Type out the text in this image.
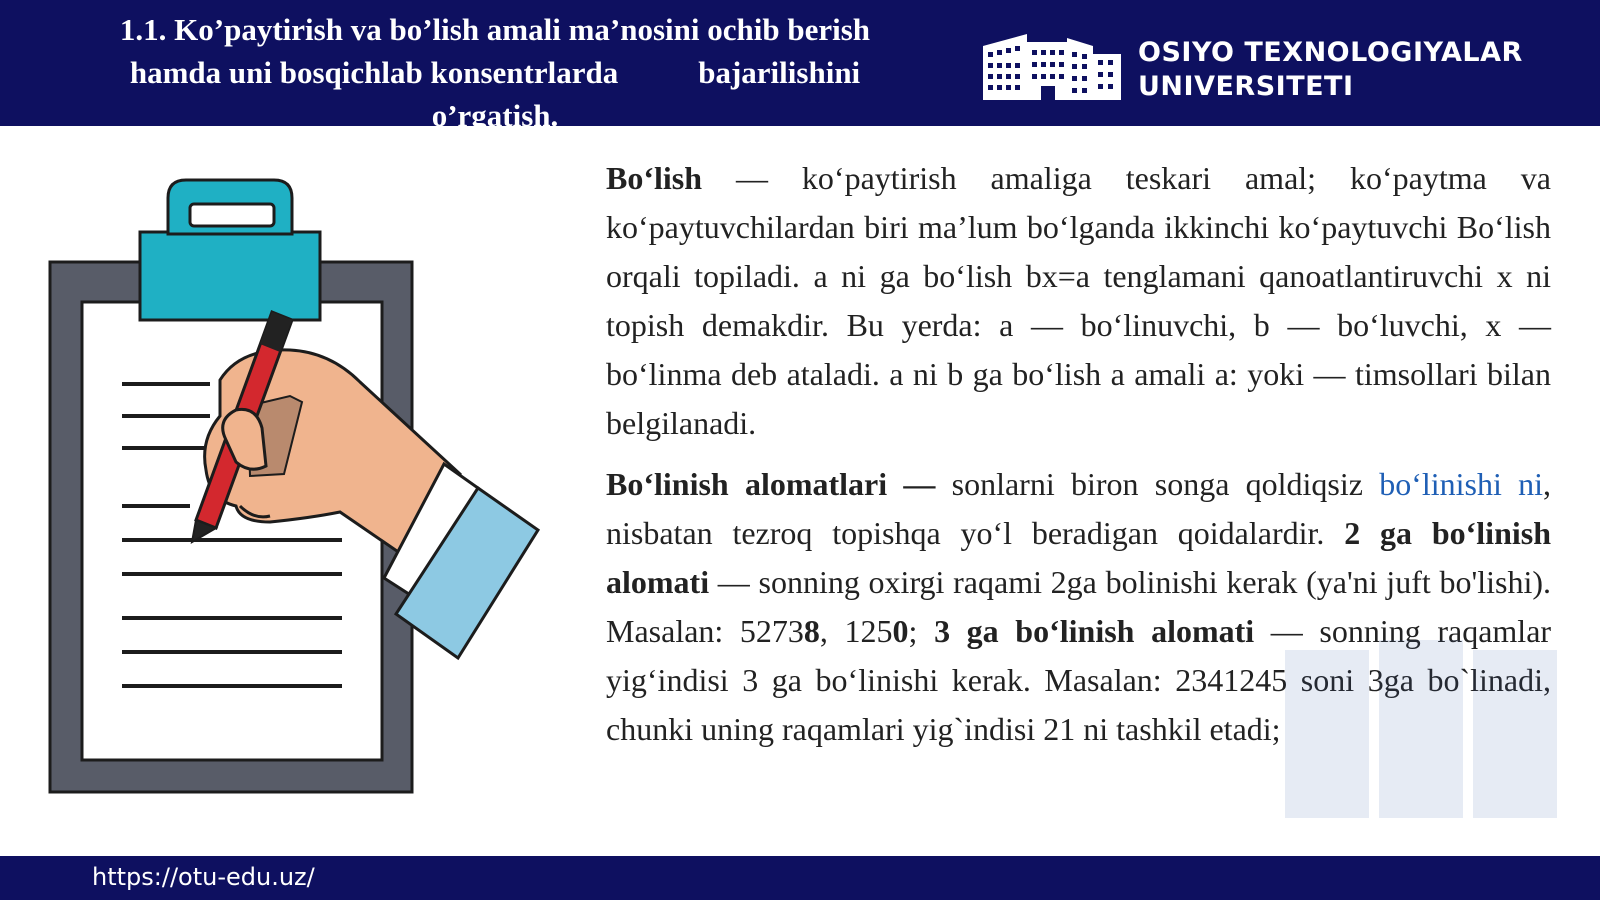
1.1. Ko’paytirish va bo’lish amali ma’nosini ochib berish
hamda uni bosqichlab konsentrlarda	bajarilishini
o’rgatish.
OSIYO TEXNOLOGIYALAR
UNIVERSITETI

Bo‘lish — ko‘paytirish amaliga teskari amal; ko‘paytma va ko‘paytuvchilardan biri ma’lum bo‘lganda ikkinchi ko‘paytuvchi Bo‘lish orqali topiladi. a ni ga bo‘lish bx=a tenglamani qanoatlantiruvchi x ni topish demakdir. Bu yerda: a — bo‘linuvchi, b — bo‘luvchi, x — bo‘linma deb ataladi. a ni b ga bo‘lish a amali a: yoki — timsollari bilan belgilanadi.

Bo‘linish alomatlari — sonlarni biron songa qoldiqsiz bo‘linishi ni, nisbatan tezroq topishqa yo‘l beradigan qoidalardir. 2 ga bo‘linish alomati — sonning oxirgi raqami 2ga bolinishi kerak (ya'ni juft bo'lishi). Masalan: 52738, 1250; 3 ga bo‘linish alomati — sonning raqamlar yig‘indisi 3 ga bo‘linishi kerak. Masalan: 2341245 soni 3ga bo`linadi, chunki uning raqamlari yig`indisi 21 ni tashkil etadi;

https://otu-edu.uz/
